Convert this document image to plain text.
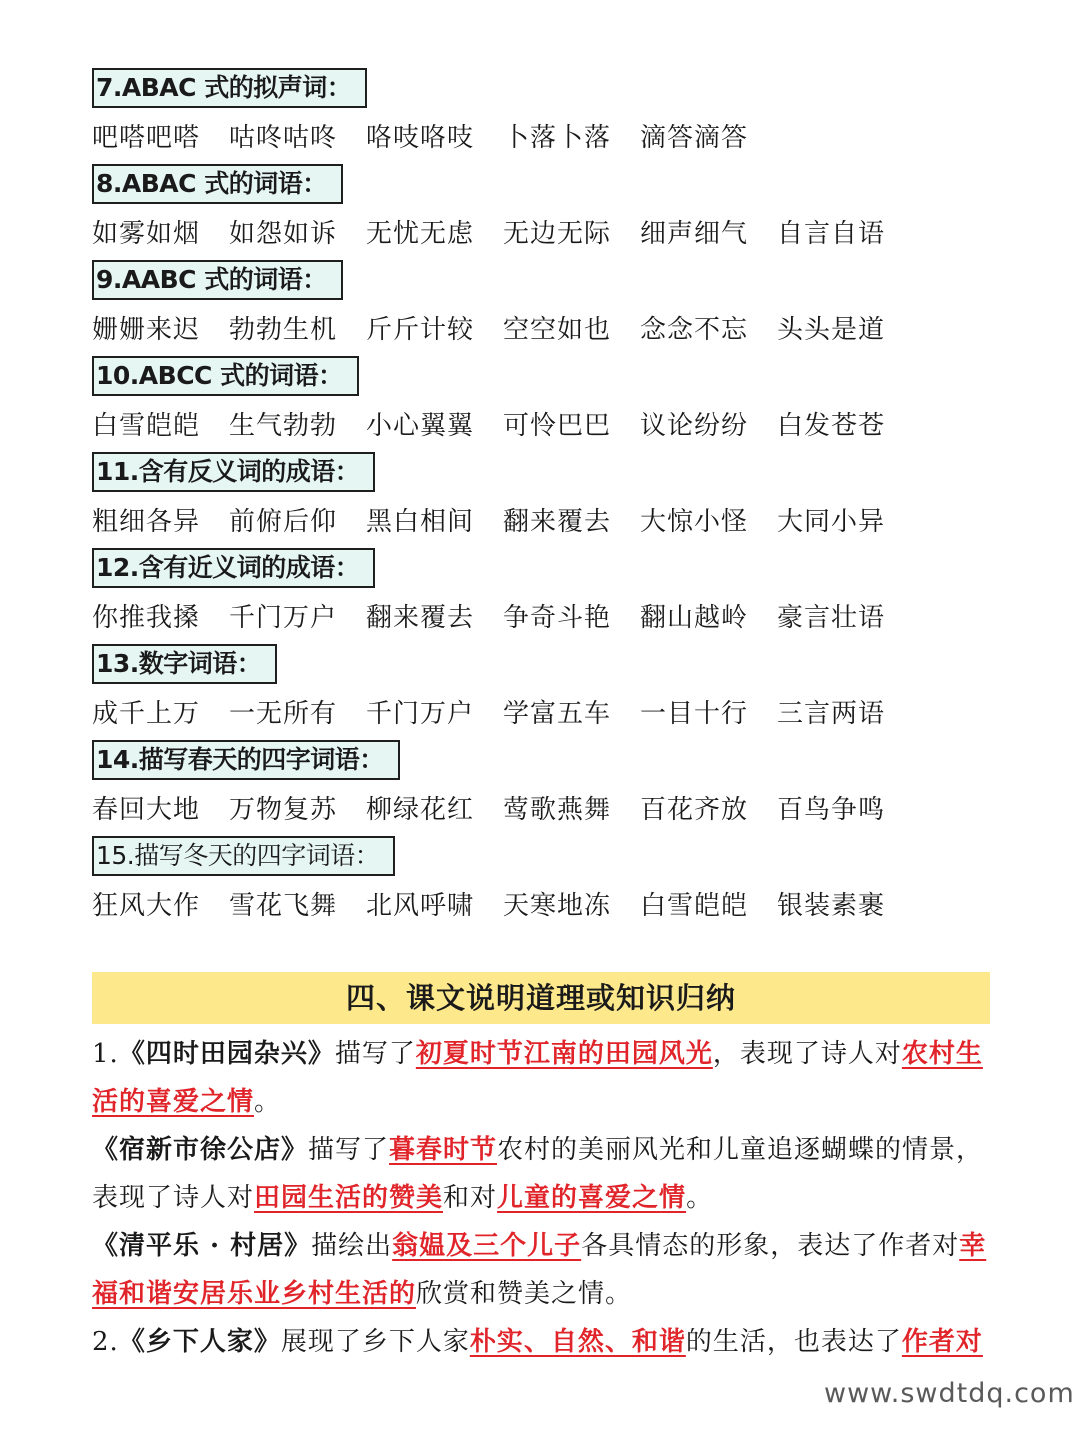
7.ABAC 式的拟声词：
吧嗒吧嗒	咕咚咕咚	咯吱咯吱	卜落卜落	滴答滴答
8.ABAC 式的词语：
如雾如烟	如怨如诉	无忧无虑	无边无际	细声细气	自言自语
9.AABC 式的词语：
姗姗来迟	勃勃生机	斤斤计较	空空如也	念念不忘	头头是道
10.ABCC 式的词语：
白雪皑皑	生气勃勃	小心翼翼	可怜巴巴	议论纷纷	白发苍苍
11.含有反义词的成语：
粗细各异	前俯后仰	黑白相间	翻来覆去	大惊小怪	大同小异
12.含有近义词的成语：
你推我搡	千门万户	翻来覆去	争奇斗艳	翻山越岭	豪言壮语
13.数字词语：
成千上万	一无所有	千门万户	学富五车	一目十行	三言两语
14.描写春天的四字词语：
春回大地	万物复苏	柳绿花红	莺歌燕舞	百花齐放	百鸟争鸣
15.描写冬天的四字词语：
狂风大作	雪花飞舞	北风呼啸	天寒地冻	白雪皑皑	银装素裹
四、课文说明道理或知识归纳

1.《四时田园杂兴》描写了初夏时节江南的田园风光，表现了诗人对农村生活的喜爱之情。

《宿新市徐公店》描写了暮春时节农村的美丽风光和儿童追逐蝴蝶的情景，表现了诗人对田园生活的赞美和对儿童的喜爱之情。

《清平乐 · 村居》描绘出翁媪及三个儿子各具情态的形象，表达了作者对幸福和谐安居乐业乡村生活的欣赏和赞美之情。

2.《乡下人家》展现了乡下人家朴实、自然、和谐的生活，也表达了作者对

www.swdtdq.com
